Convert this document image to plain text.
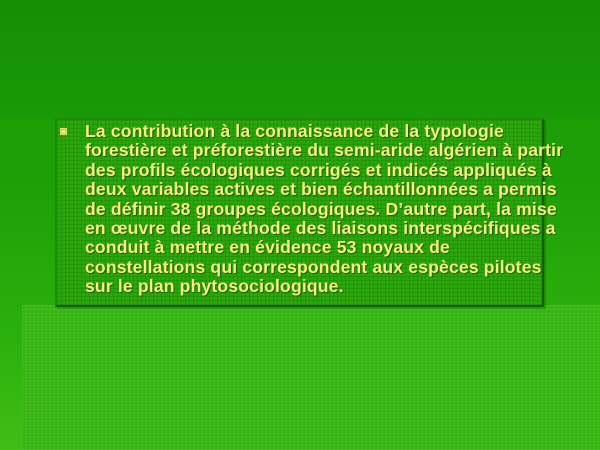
La contribution à la connaissance de la typologie forestière et préforestière du semi-aride algérien à partir des profils écologiques corrigés et indicés appliqués à deux variables actives et bien échantillonnées a permis de définir 38 groupes écologiques. D’autre part, la mise en œuvre de la méthode des liaisons interspécifiques a conduit à mettre en évidence 53 noyaux de constellations qui correspondent aux espèces pilotes sur le plan phytosociologique.
